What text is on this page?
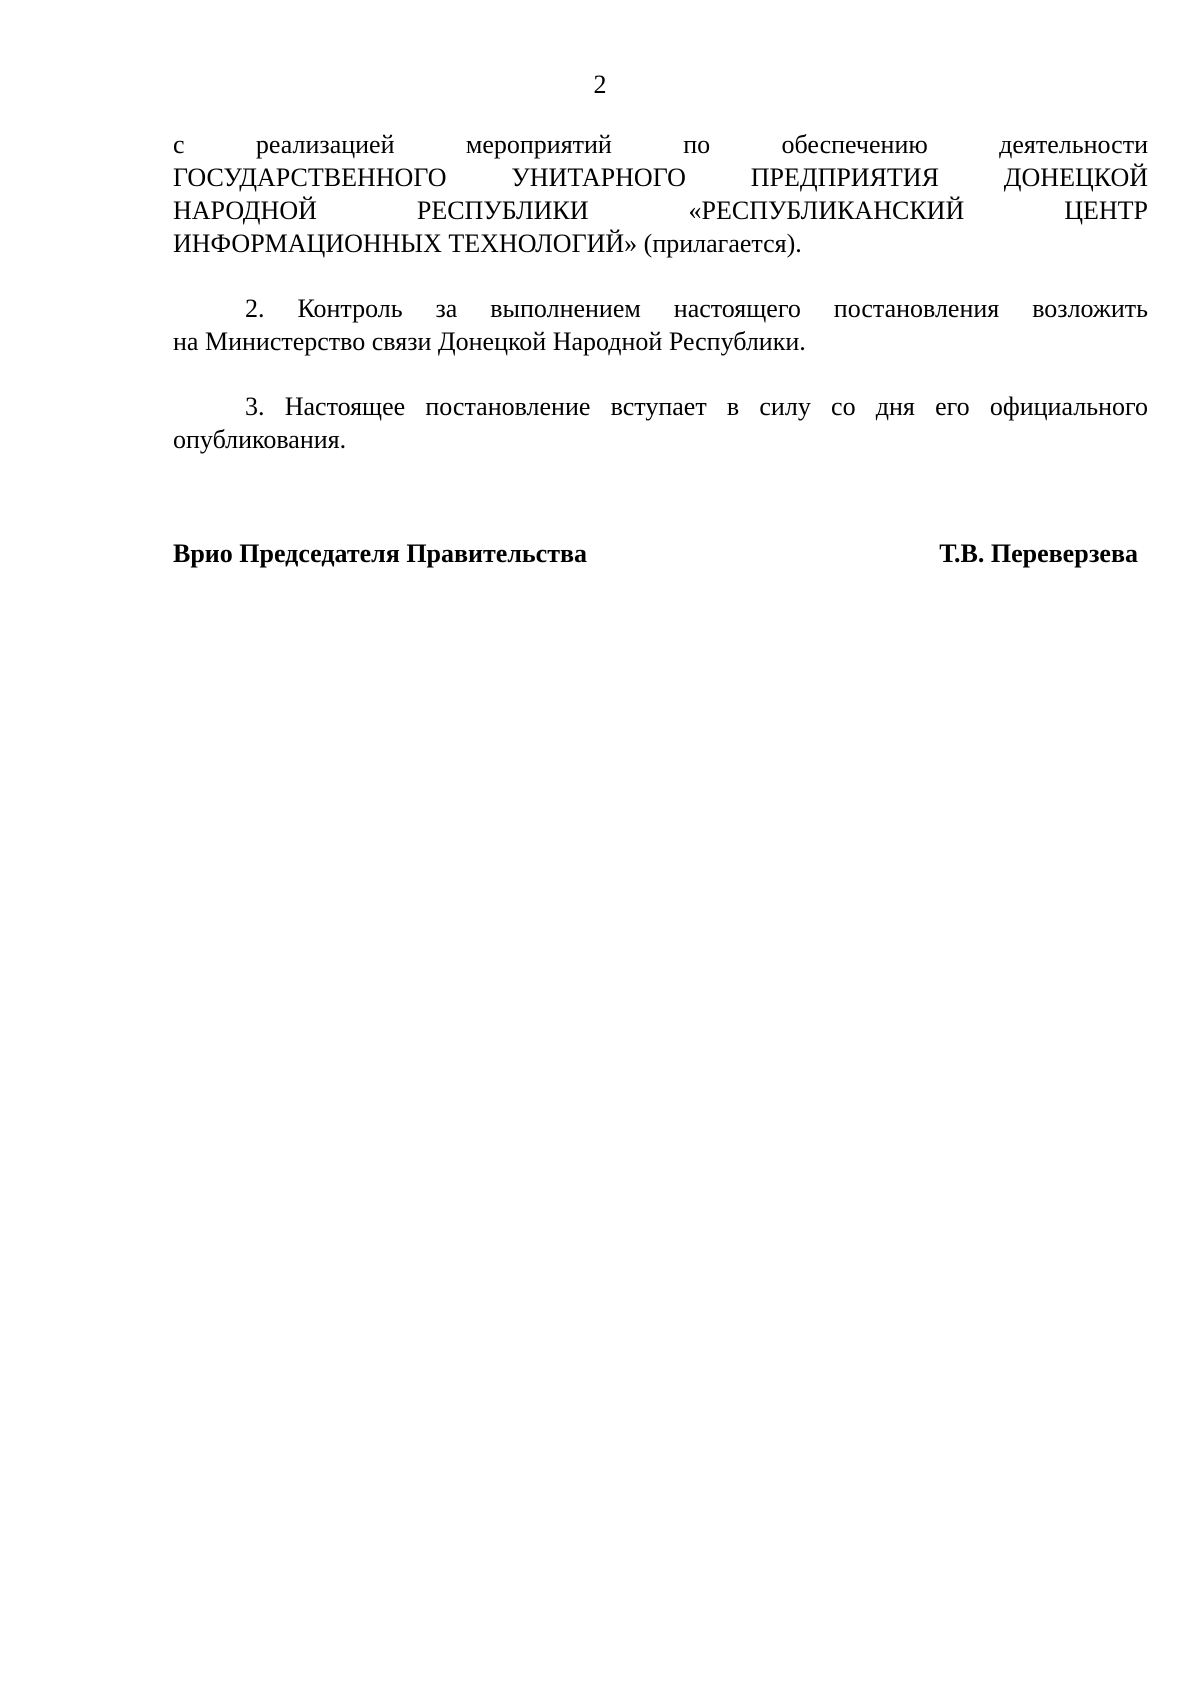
2

с реализацией мероприятий по обеспечению деятельности
ГОСУДАРСТВЕННОГО УНИТАРНОГО ПРЕДПРИЯТИЯ ДОНЕЦКОЙ
НАРОДНОЙ РЕСПУБЛИКИ «РЕСПУБЛИКАНСКИЙ ЦЕНТР
ИНФОРМАЦИОННЫХ ТЕХНОЛОГИЙ» (прилагается).

2. Контроль за выполнением настоящего постановления возложить
на Министерство связи Донецкой Народной Республики.

3. Настоящее постановление вступает в силу со дня его официального
опубликования.

Врио Председателя Правительства	Т.В. Переверзева
